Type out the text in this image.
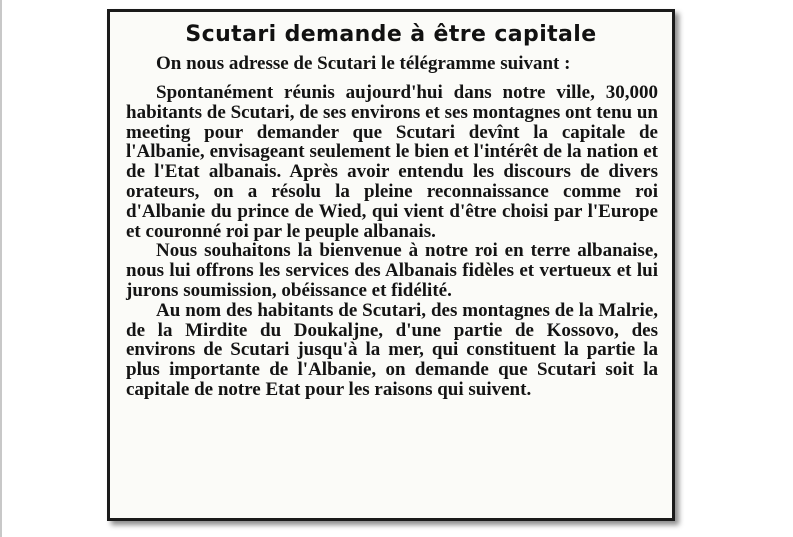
Scutari demande à être capitale

On nous adresse de Scutari le télégramme suivant :

Spontanément réunis aujourd'hui dans notre ville, 30,000 habitants de Scutari, de ses environs et ses montagnes ont tenu un meeting pour demander que Scutari devînt la capitale de l'Albanie, envisageant seulement le bien et l'intérêt de la nation et de l'Etat albanais. Après avoir entendu les discours de divers orateurs, on a résolu la pleine reconnaissance comme roi d'Albanie du prince de Wied, qui vient d'être choisi par l'Europe et couronné roi par le peuple albanais.

Nous souhaitons la bienvenue à notre roi en terre albanaise, nous lui offrons les services des Albanais fidèles et vertueux et lui jurons soumission, obéissance et fidélité.

Au nom des habitants de Scutari, des montagnes de la Malrie, de la Mirdite du Doukaljne, d'une partie de Kossovo, des environs de Scutari jusqu'à la mer, qui constituent la partie la plus importante de l'Albanie, on demande que Scutari soit la capitale de notre Etat pour les raisons qui suivent.
